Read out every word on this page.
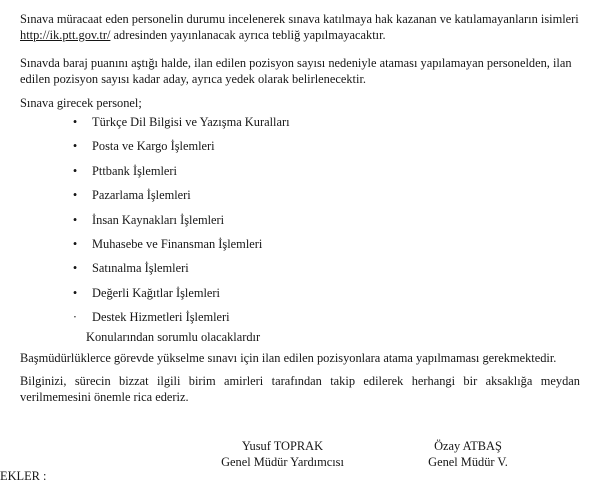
Sınava müracaat eden personelin durumu incelenerek sınava katılmaya hak kazanan ve katılamayanların isimleri
http://ik.ptt.gov.tr/ adresinden yayınlanacak ayrıca tebliğ yapılmayacaktır.

Sınavda baraj puanını aştığı halde, ilan edilen pozisyon sayısı nedeniyle ataması yapılamayan personelden, ilan edilen pozisyon sayısı kadar aday, ayrıca yedek olarak belirlenecektir.

Sınava girecek personel;

• Türkçe Dil Bilgisi ve Yazışma Kuralları
• Posta ve Kargo İşlemleri
• Pttbank İşlemleri
• Pazarlama İşlemleri
• İnsan Kaynakları İşlemleri
• Muhasebe ve Finansman İşlemleri
• Satınalma İşlemleri
• Değerli Kağıtlar İşlemleri
· Destek Hizmetleri İşlemleri

Konularından sorumlu olacaklardır

Başmüdürlüklerce görevde yükselme sınavı için ilan edilen pozisyonlara atama yapılmaması gerekmektedir.

Bilginizi, sürecin bizzat ilgili birim amirleri tarafından takip edilerek herhangi bir aksaklığa meydan
verilmemesini önemle rica ederiz.

Yusuf TOPRAK
Genel Müdür Yardımcısı
Özay ATBAŞ
Genel Müdür V.

EKLER :
